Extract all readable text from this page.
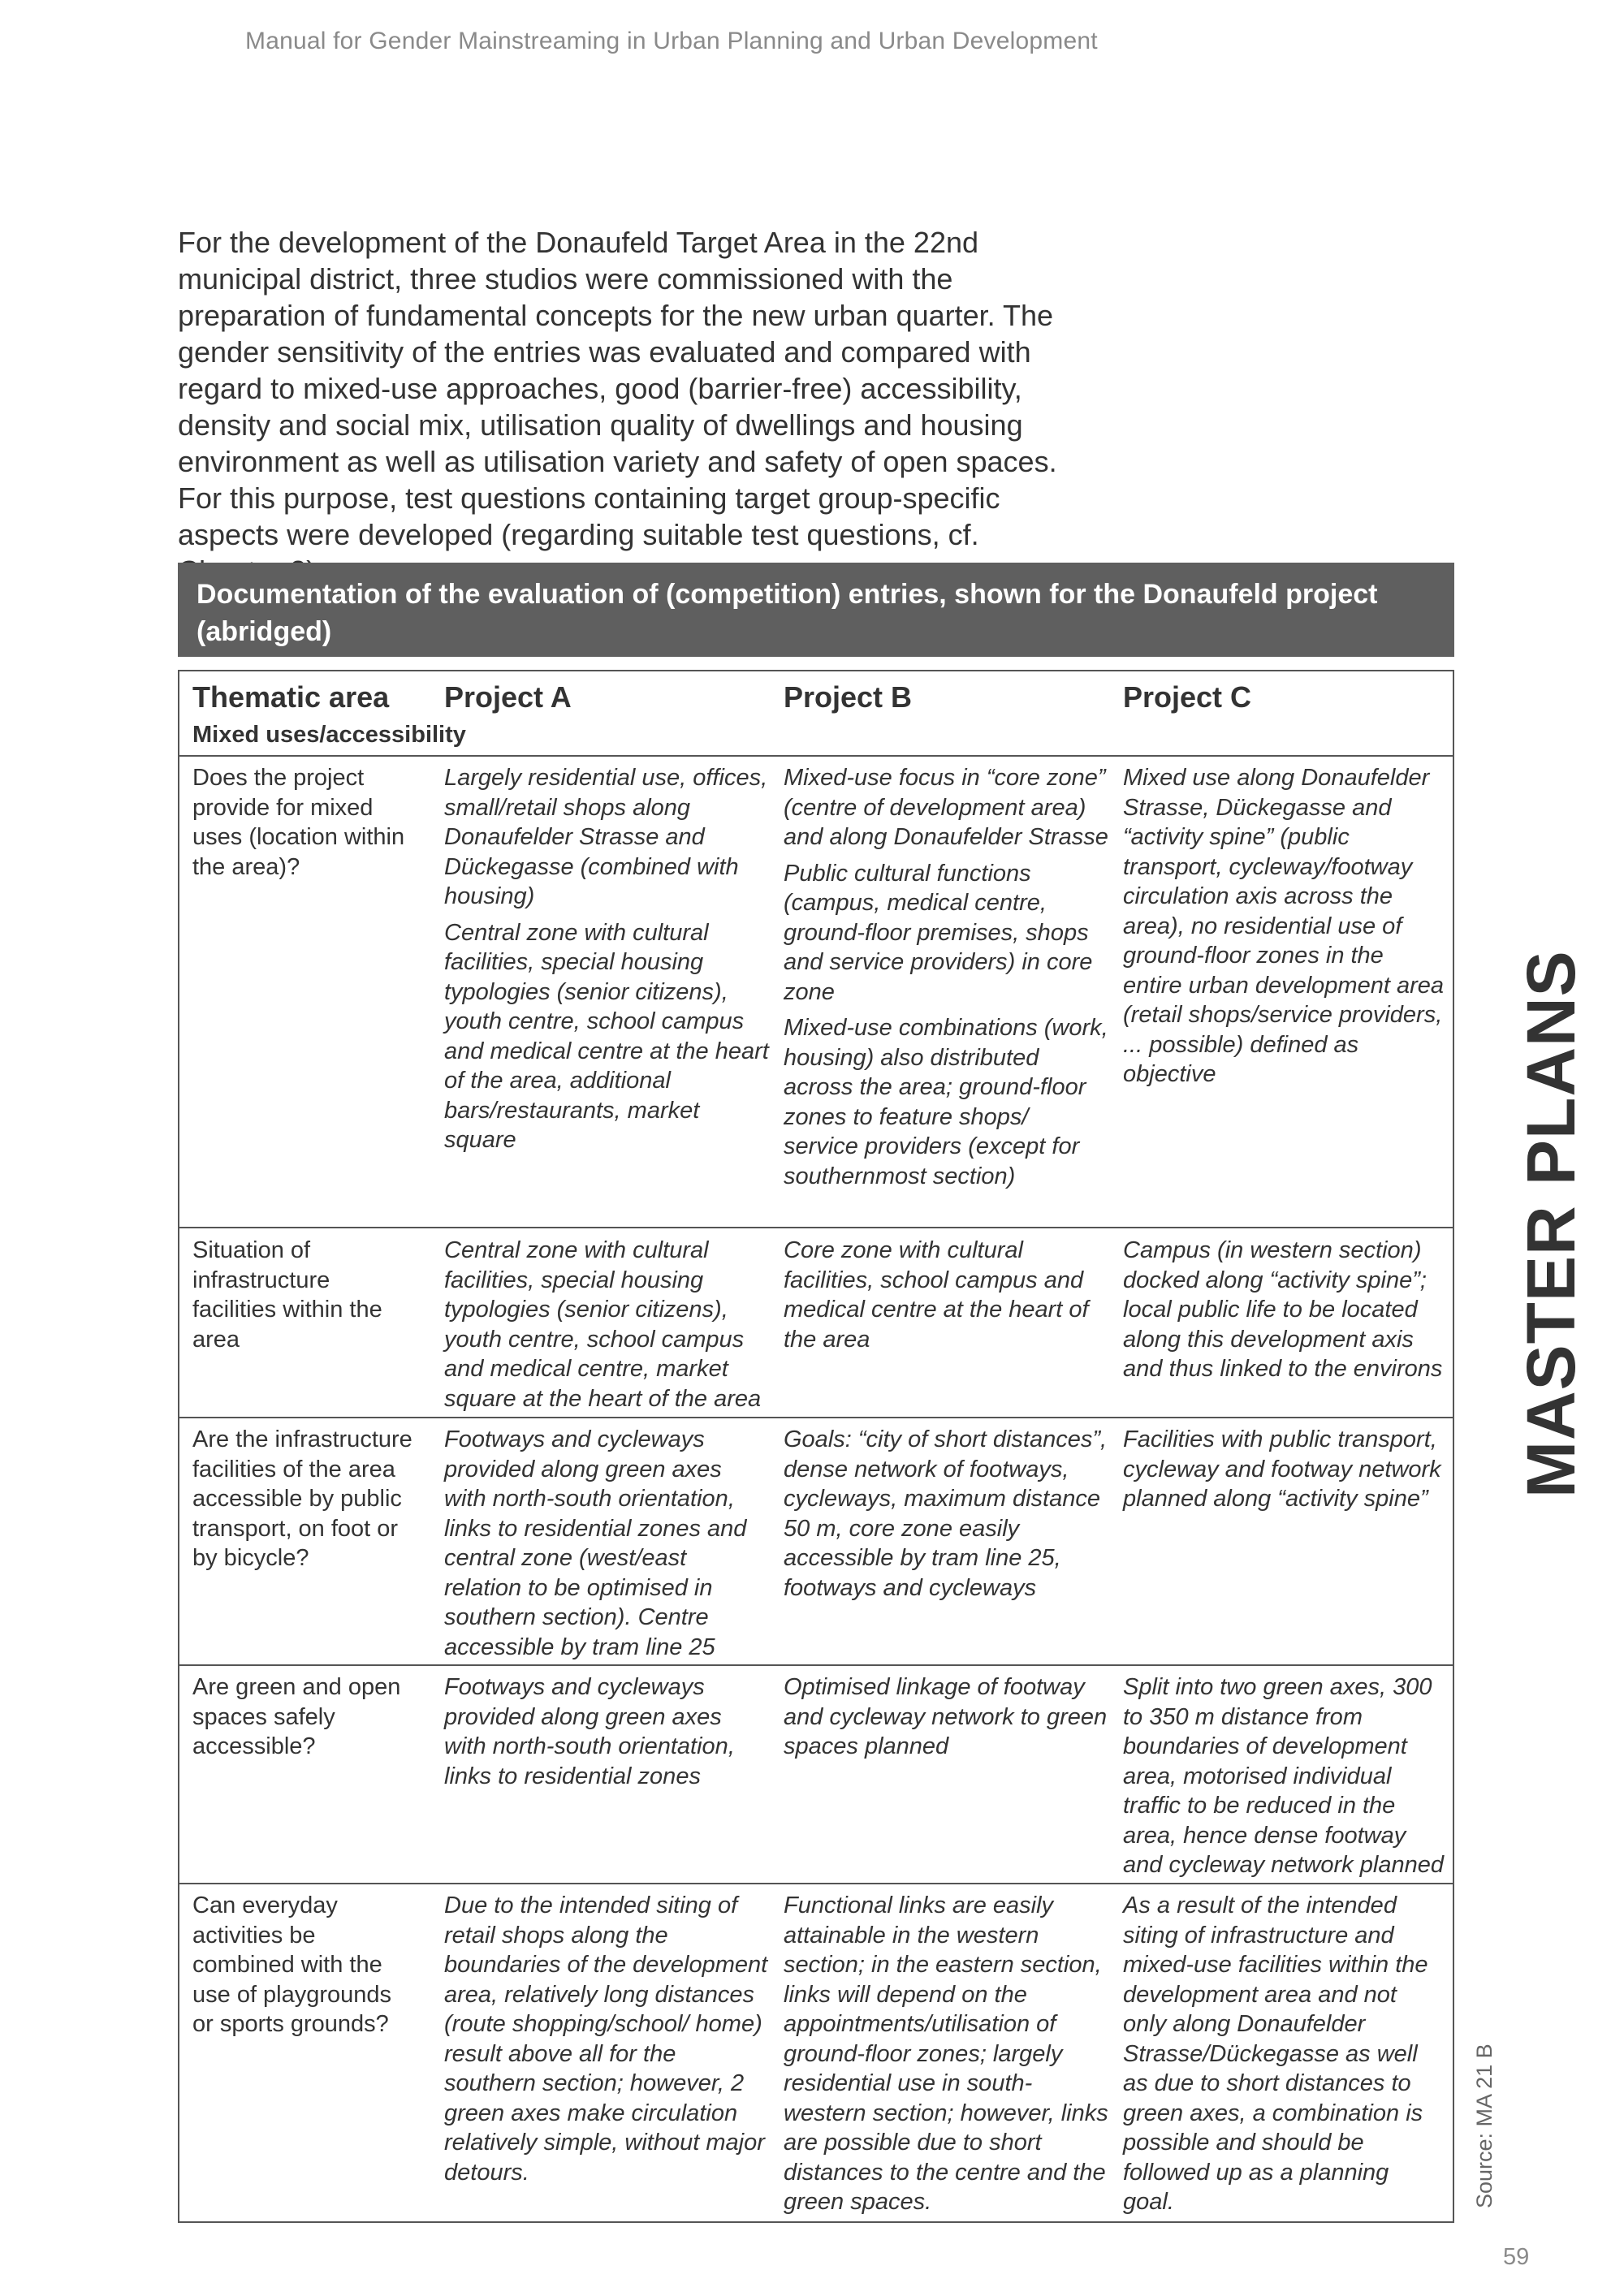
Manual for Gender Mainstreaming in Urban Planning and Urban Development

For the development of the Donaufeld Target Area in the 22nd municipal district, three studios were commissioned with the preparation of fundamental concepts for the new urban quarter. The gender sensitivity of the entries was evaluated and compared with regard to mixed-use approaches, good (barrier-free) accessibility, density and social mix, utilisation quality of dwellings and housing environment as well as utilisation variety and safety of open spaces. For this purpose, test questions containing target group-specific aspects were developed (regarding suitable test questions, cf.

Documentation of the evaluation of (competition) entries, shown for the Donaufeld project (abridged)
Thematic area Project A	Project B	Project C
Mixed uses/accessibility
Does the project provide for mixed uses (location within the area)?

Largely residential use, offices, small/retail shops along Donaufelder Strasse and Dückegasse (combined with housing)

Central zone with cultural facilities, special housing typologies (senior citizens), youth centre, school campus and medical centre at the heart of the area, additional bars/restaurants, market square

Mixed-use focus in “core zone” (centre of development area) and along Donaufelder Strasse

Public cultural functions (campus, medical centre, ground-floor premises, shops and service providers) in core zone

Mixed-use combinations (work, housing) also distributed across the area; ground-floor zones to feature shops/ service providers (except for southernmost section)

Mixed use along Donaufelder Strasse, Dückegasse and “activity spine” (public transport, cycleway/footway circulation axis across the area), no residential use of ground-floor zones in the entire urban development area (retail shops/service providers, ... possible) defined as objective

Situation of infrastructure facilities within the area

Central zone with cultural facilities, special housing typologies (senior citizens), youth centre, school campus and medical centre, market square at the heart of the area

Core zone with cultural facilities, school campus and medical centre at the heart of the area

Campus (in western section) docked along “activity spine”; local public life to be located along this development axis and thus linked to the environs

Are the infrastructure facilities of the area accessible by public transport, on foot or by bicycle?

Footways and cycleways provided along green axes with north-south orientation, links to residential zones and central zone (west/east relation to be optimised in southern section). Centre accessible by tram line 25

Goals: “city of short distances”, dense network of footways, cycleways, maximum distance 50 m, core zone easily accessible by tram line 25, footways and cycleways

Facilities with public transport, cycleway and footway network planned along “activity spine”

Are green and open spaces safely accessible?

Footways and cycleways provided along green axes with north-south orientation, links to residential zones

Optimised linkage of footway and cycleway network to green spaces planned

Split into two green axes, 300 to 350 m distance from boundaries of development area, motorised individual traffic to be reduced in the area, hence dense footway and cycleway network planned

Can everyday activities be combined with the use of playgrounds or sports grounds?

Due to the intended siting of retail shops along the boundaries of the development area, relatively long distances (route shopping/school/ home) result above all for the southern section; however, 2 green axes make circulation relatively simple, without major detours.

Functional links are easily attainable in the western section; in the eastern section, links will depend on the appointments/utilisation of ground-floor zones; largely residential use in south-western section; however, links are possible due to short distances to the centre and the green spaces.

As a result of the intended siting of infrastructure and mixed-use facilities within the development area and not only along Donaufelder Strasse/Dückegasse as well as due to short distances to green axes, a combination is possible and should be followed up as a planning goal.

MASTER PLANS
Source: MA 21 B
59
